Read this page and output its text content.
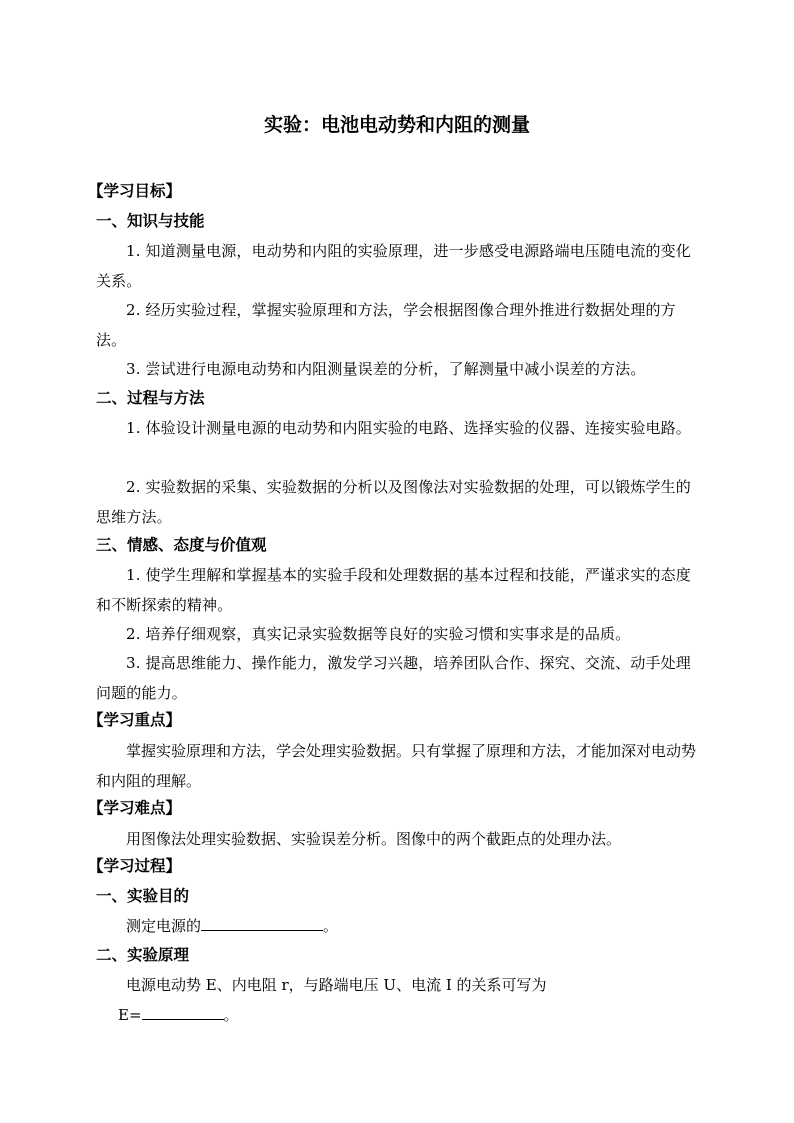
实验：电池电动势和内阻的测量
【学习目标】
一、知识与技能
1. 知道测量电源，电动势和内阻的实验原理，进一步感受电源路端电压随电流的变化关系。
2. 经历实验过程，掌握实验原理和方法，学会根据图像合理外推进行数据处理的方法。
3. 尝试进行电源电动势和内阻测量误差的分析，了解测量中减小误差的方法。
二、过程与方法
1. 体验设计测量电源的电动势和内阻实验的电路、选择实验的仪器、连接实验电路。
2. 实验数据的采集、实验数据的分析以及图像法对实验数据的处理，可以锻炼学生的思维方法。
三、情感、态度与价值观
1. 使学生理解和掌握基本的实验手段和处理数据的基本过程和技能，严谨求实的态度和不断探索的精神。
2. 培养仔细观察，真实记录实验数据等良好的实验习惯和实事求是的品质。
3. 提高思维能力、操作能力，激发学习兴趣，培养团队合作、探究、交流、动手处理问题的能力。
【学习重点】
掌握实验原理和方法，学会处理实验数据。只有掌握了原理和方法，才能加深对电动势和内阻的理解。
【学习难点】
用图像法处理实验数据、实验误差分析。图像中的两个截距点的处理办法。
【学习过程】
一、实验目的
测定电源的	。
二、实验原理
电源电动势 E、内电阻 r，与路端电压 U、电流 I 的关系可写为
E=	。
